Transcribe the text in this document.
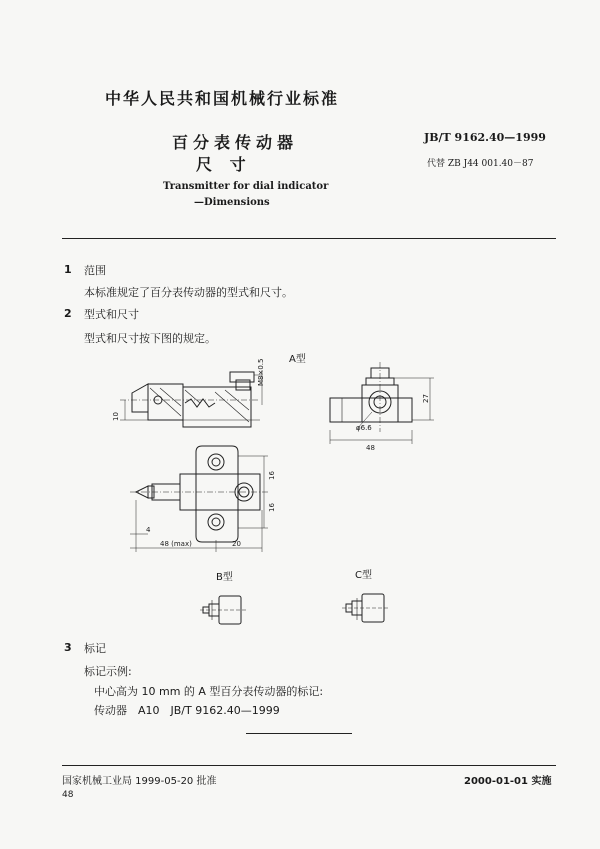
中华人民共和国机械行业标准
百分表传动器
尺 寸
Transmitter for dial indicator
—Dimensions
JB/T 9162.40—1999
代替 ZB J44 001.40－87
1 范围
本标准规定了百分表传动器的型式和尺寸。
2 型式和尺寸
型式和尺寸按下图的规定。
A型
B型	C型
M8×0.5
10
27
φ6.6
48
16
16
4
48 (max)	20
3 标记
标记示例:
中心高为 10 mm 的 A 型百分表传动器的标记:
传动器　A10　JB/T 9162.40—1999
国家机械工业局 1999-05-20 批准	2000-01-01 实施
48
